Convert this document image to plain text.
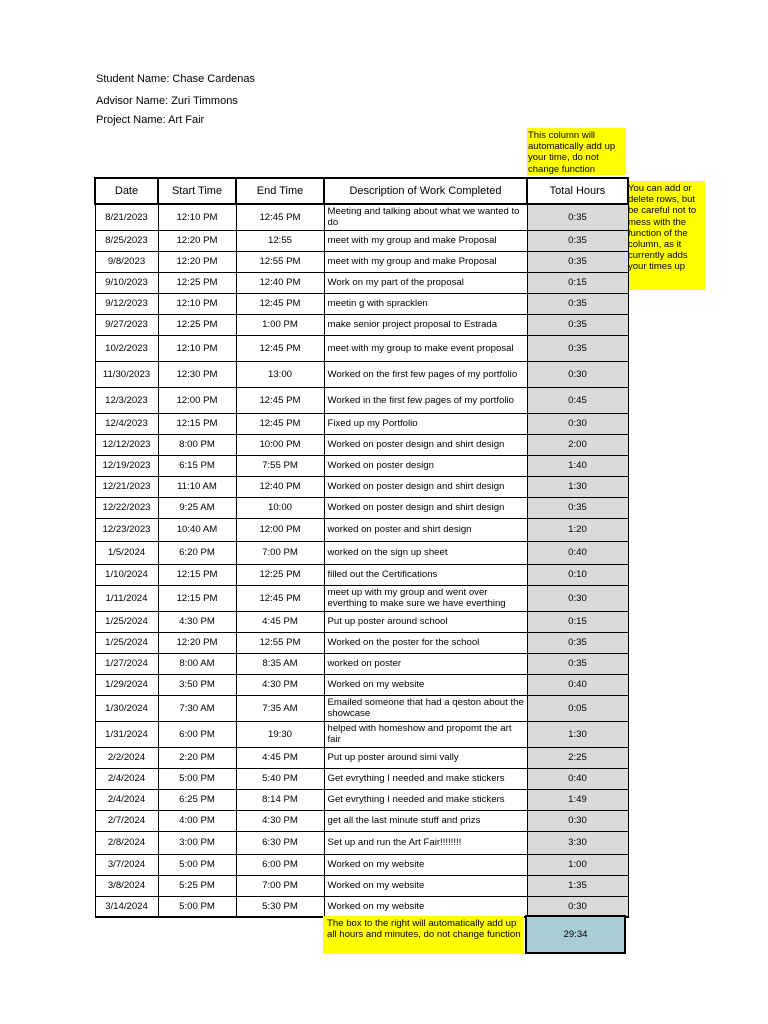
Student Name: Chase Cardenas
Advisor Name: Zuri Timmons
Project Name: Art Fair
This column will automatically add up your time, do not change function
You can add or delete rows, but be careful not to mess with the function of the column, as it currently adds your times up
Date	Start Time	End Time	Description of Work Completed	Total Hours
8/21/2023	12:10 PM	12:45 PM	Meeting and talking about what we wanted to do	0:35
8/25/2023	12:20 PM	12:55	meet with my group and make Proposal	0:35
9/8/2023	12:20 PM	12:55 PM	meet with my group and make Proposal	0:35
9/10/2023	12:25 PM	12:40 PM	Work on my part of the proposal	0:15
9/12/2023	12:10 PM	12:45 PM	meetin g with spracklen	0:35
9/27/2023	12:25 PM	1:00 PM	make senior project proposal to Estrada	0:35
10/2/2023	12:10 PM	12:45 PM	meet with my group to make event proposal	0:35
11/30/2023	12:30 PM	13:00	Worked on the first few pages of my portfolio	0:30
12/3/2023	12:00 PM	12:45 PM	Worked in the first few pages of my portfolio	0:45
12/4/2023	12:15 PM	12:45 PM	Fixed up my Portfolio	0:30
12/12/2023	8:00 PM	10:00 PM	Worked on poster design and shirt design	2:00
12/19/2023	6:15 PM	7:55 PM	Worked on poster design	1:40
12/21/2023	11:10 AM	12:40 PM	Worked on poster design and shirt design	1:30
12/22/2023	9:25 AM	10:00	Worked on poster design and shirt design	0:35
12/23/2023	10:40 AM	12:00 PM	worked on poster and shirt design	1:20
1/5/2024	6:20 PM	7:00 PM	worked on the sign up sheet	0:40
1/10/2024	12:15 PM	12:25 PM	filled out the Certifications	0:10
1/11/2024	12:15 PM	12:45 PM	meet up with my group and went over everthing to make sure we have everthing	0:30
1/25/2024	4:30 PM	4:45 PM	Put up poster around school	0:15
1/25/2024	12:20 PM	12:55 PM	Worked on the poster for the school	0:35
1/27/2024	8:00 AM	8:35 AM	worked on poster	0:35
1/29/2024	3:50 PM	4:30 PM	Worked on my website	0:40
1/30/2024	7:30 AM	7:35 AM	Emailed someone that had a qeston about the showcase	0:05
1/31/2024	6:00 PM	19:30	helped with homeshow and propomt the art fair	1:30
2/2/2024	2:20 PM	4:45 PM	Put up poster around simi vally	2:25
2/4/2024	5:00 PM	5:40 PM	Get evrything I needed and make stickers	0:40
2/4/2024	6:25 PM	8:14 PM	Get evrything I needed and make stickers	1:49
2/7/2024	4:00 PM	4:30 PM	get all the last minute stuff and prizs	0:30
2/8/2024	3:00 PM	6:30 PM	Set up and run the Art Fair!!!!!!!!	3:30
3/7/2024	5:00 PM	6:00 PM	Worked on my website	1:00
3/8/2024	5:25 PM	7:00 PM	Worked on my website	1:35
3/14/2024	5:00 PM	5:30 PM	Worked on my website	0:30
The box to the right will automatically add up all hours and minutes, do not change function	29:34
